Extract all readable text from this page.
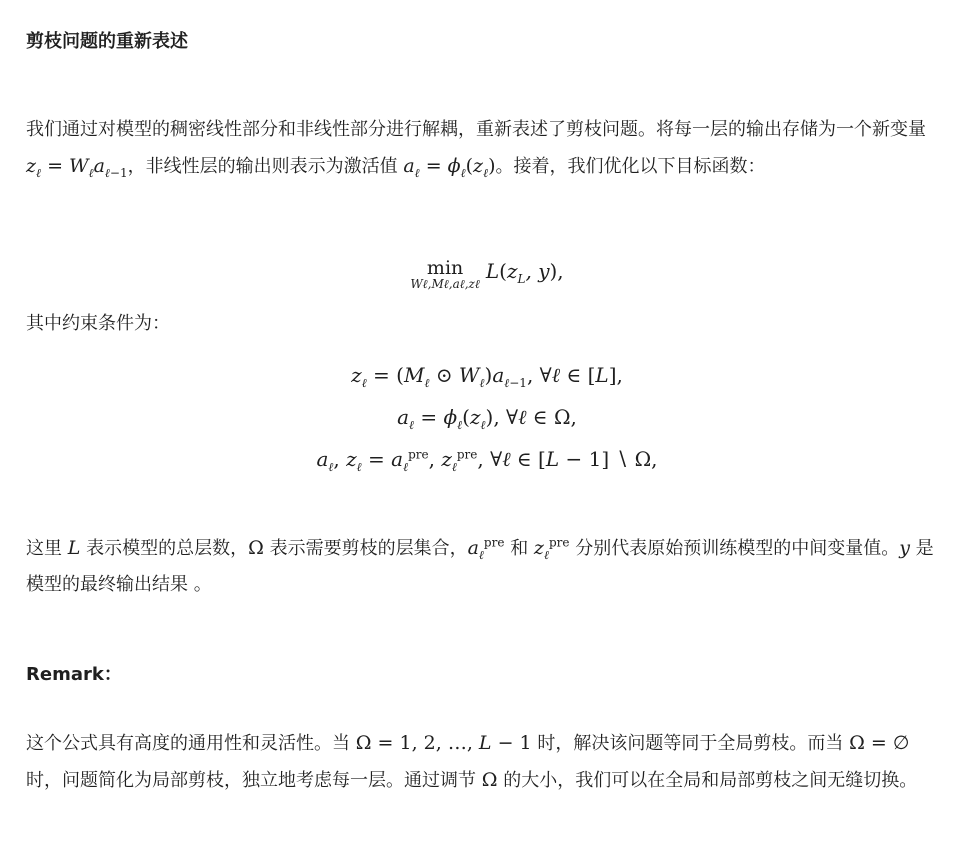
剪枝问题的重新表述
我们通过对模型的稠密线性部分和非线性部分进行解耦，重新表述了剪枝问题。将每一层的输出存储为一个新变量 $z_\ell = W_\ell a_{\ell-1}$，非线性层的输出则表示为激活值 $a_\ell = \phi_\ell(z_\ell)$。接着，我们优化以下目标函数：
min
Wℓ,Mℓ,aℓ,zℓ
$L(z_L$, y),
其中约束条件为：
$z_\ell = (M_\ell$ ⊙ $W_\ell)a_{\ell-1}$, ∀ℓ ∈ [L],
$a_\ell = \phi_\ell(z_\ell)$, ∀ℓ ∈ Ω,
$a_\ell$, $z_\ell = a_\ell^{pre}$, $z_\ell^{pre}$, ∀ℓ ∈ [L − 1] ∖ Ω,
这里 L 表示模型的总层数，Ω 表示需要剪枝的层集合，$a_\ell^{pre}$ 和 $z_\ell^{pre}$ 分别代表原始预训练模型的中间变量值。y 是模型的最终输出结果 。
Remark：
这个公式具有高度的通用性和灵活性。当 Ω = 1, 2, …, L − 1 时，解决该问题等同于全局剪枝。而当 Ω = ∅ 时，问题简化为局部剪枝，独立地考虑每一层。通过调节 Ω 的大小，我们可以在全局和局部剪枝之间无缝切换。
